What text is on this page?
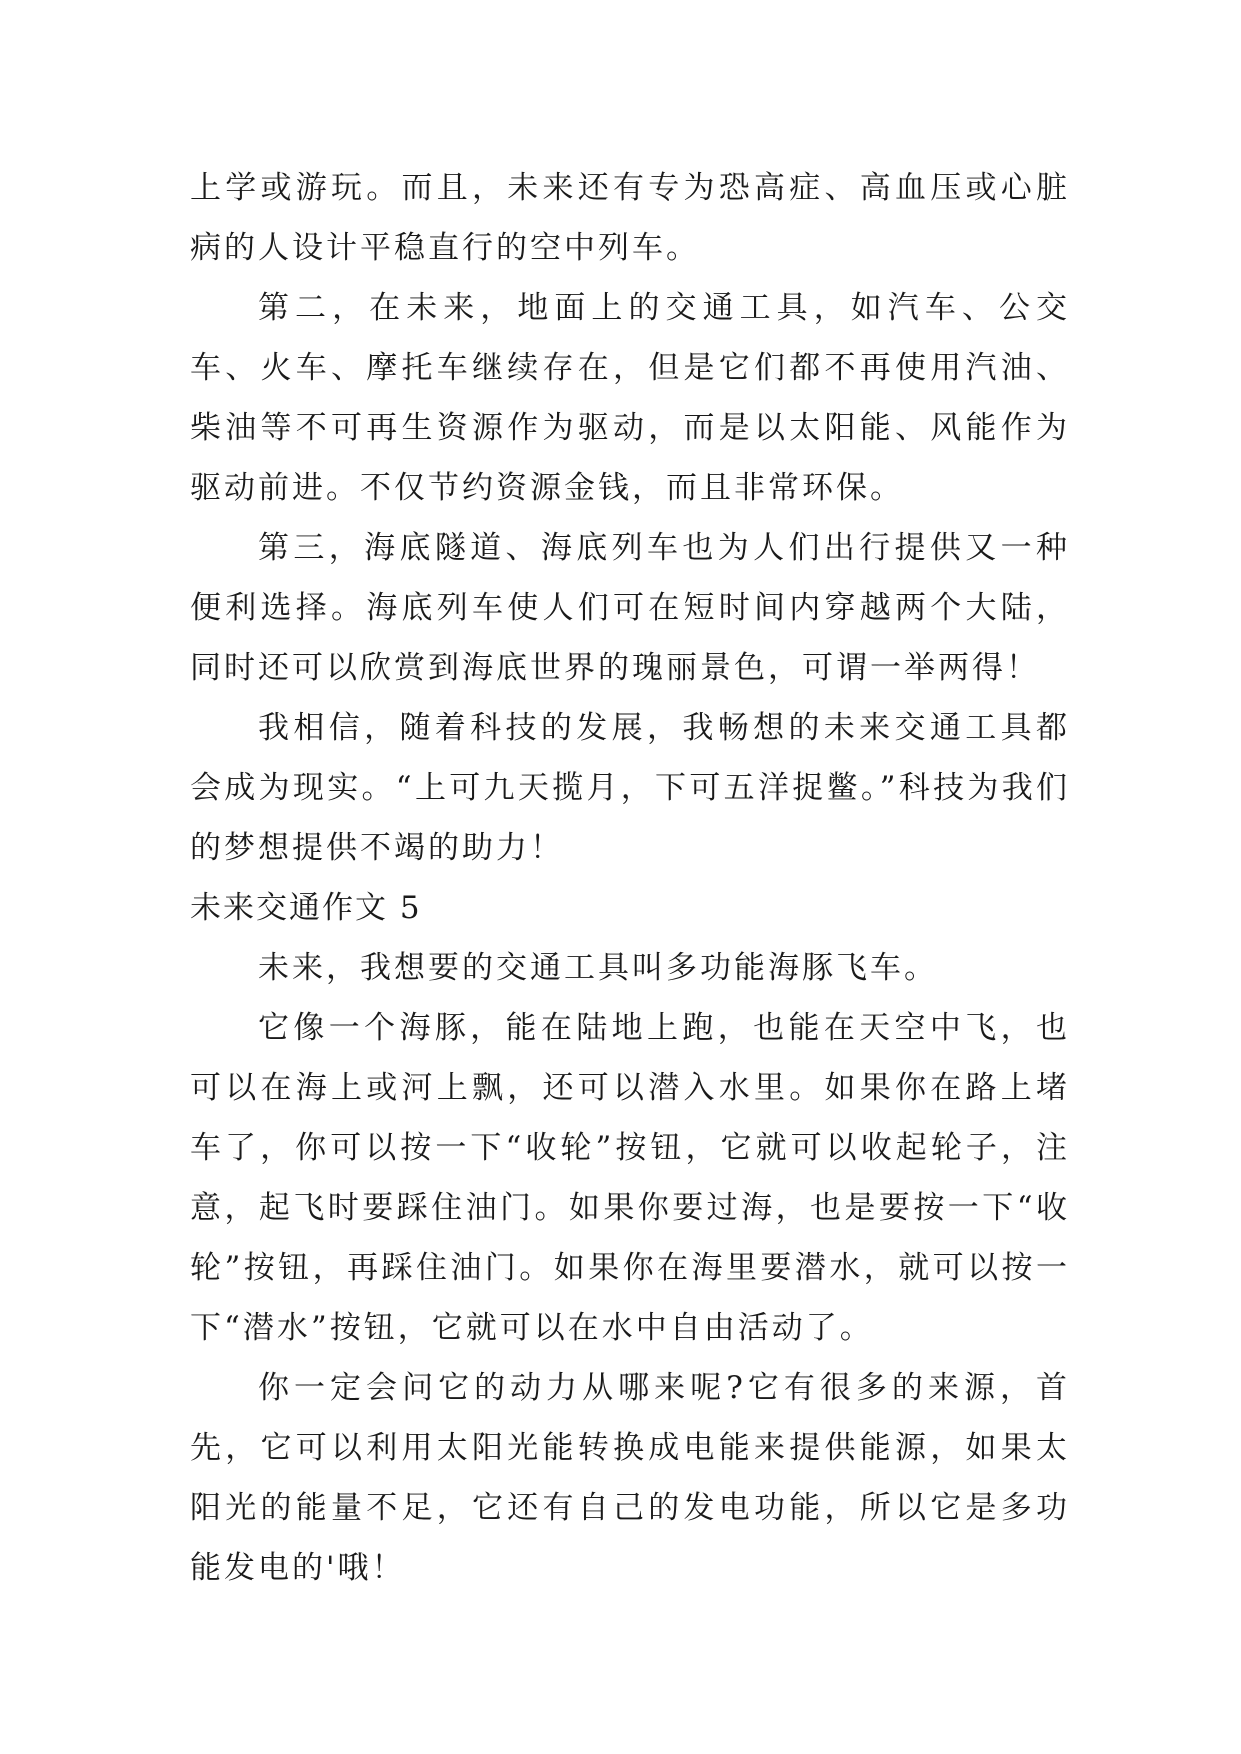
上学或游玩。而且，未来还有专为恐高症、高血压或心脏病的人设计平稳直行的空中列车。

第二，在未来，地面上的交通工具，如汽车、公交车、火车、摩托车继续存在，但是它们都不再使用汽油、柴油等不可再生资源作为驱动，而是以太阳能、风能作为驱动前进。不仅节约资源金钱，而且非常环保。

第三，海底隧道、海底列车也为人们出行提供又一种便利选择。海底列车使人们可在短时间内穿越两个大陆，同时还可以欣赏到海底世界的瑰丽景色，可谓一举两得！

我相信，随着科技的发展，我畅想的未来交通工具都会成为现实。“上可九天揽月，下可五洋捉鳖。”科技为我们的梦想提供不竭的助力！

未来交通作文 5

未来，我想要的交通工具叫多功能海豚飞车。

它像一个海豚，能在陆地上跑，也能在天空中飞，也可以在海上或河上飘，还可以潜入水里。如果你在路上堵车了，你可以按一下“收轮”按钮，它就可以收起轮子，注意，起飞时要踩住油门。如果你要过海，也是要按一下“收轮”按钮，再踩住油门。如果你在海里要潜水，就可以按一下“潜水”按钮，它就可以在水中自由活动了。

你一定会问它的动力从哪来呢?它有很多的来源，首先，它可以利用太阳光能转换成电能来提供能源，如果太阳光的能量不足，它还有自己的发电功能，所以它是多功能发电的'哦！
